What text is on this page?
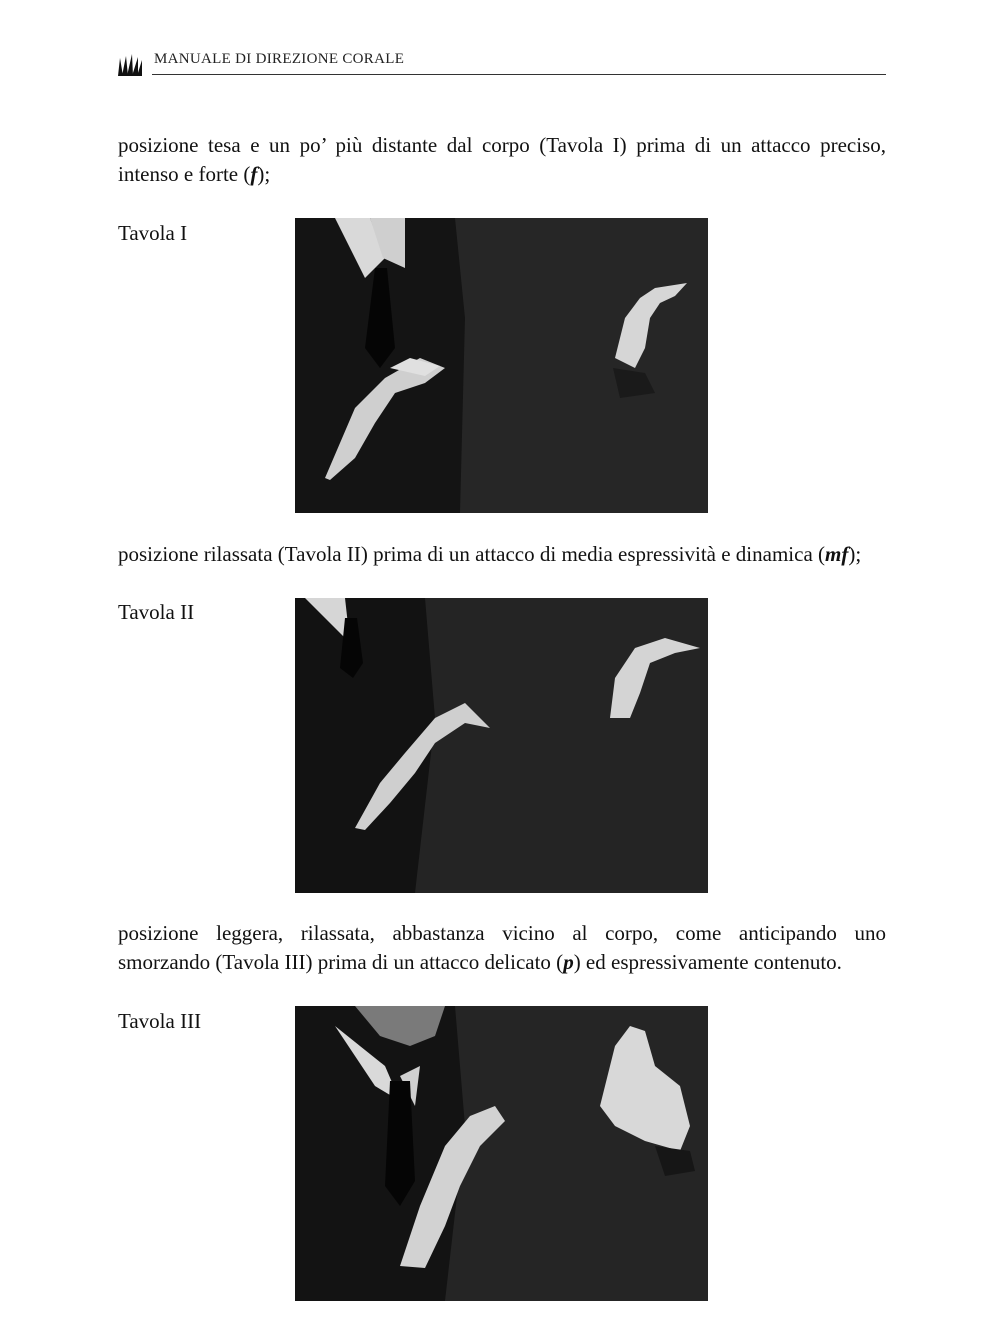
MANUALE DI DIREZIONE CORALE
posizione tesa e un po’ più distante dal corpo (Tavola I) prima di un attacco preciso,
intenso e forte (f);
Tavola I
posizione rilassata (Tavola II) prima di un attacco di media espressività e dinamica (mf);
Tavola II
posizione leggera, rilassata, abbastanza vicino al corpo, come anticipando uno
smorzando (Tavola III) prima di un attacco delicato (p) ed espressivamente contenuto.
Tavola III
